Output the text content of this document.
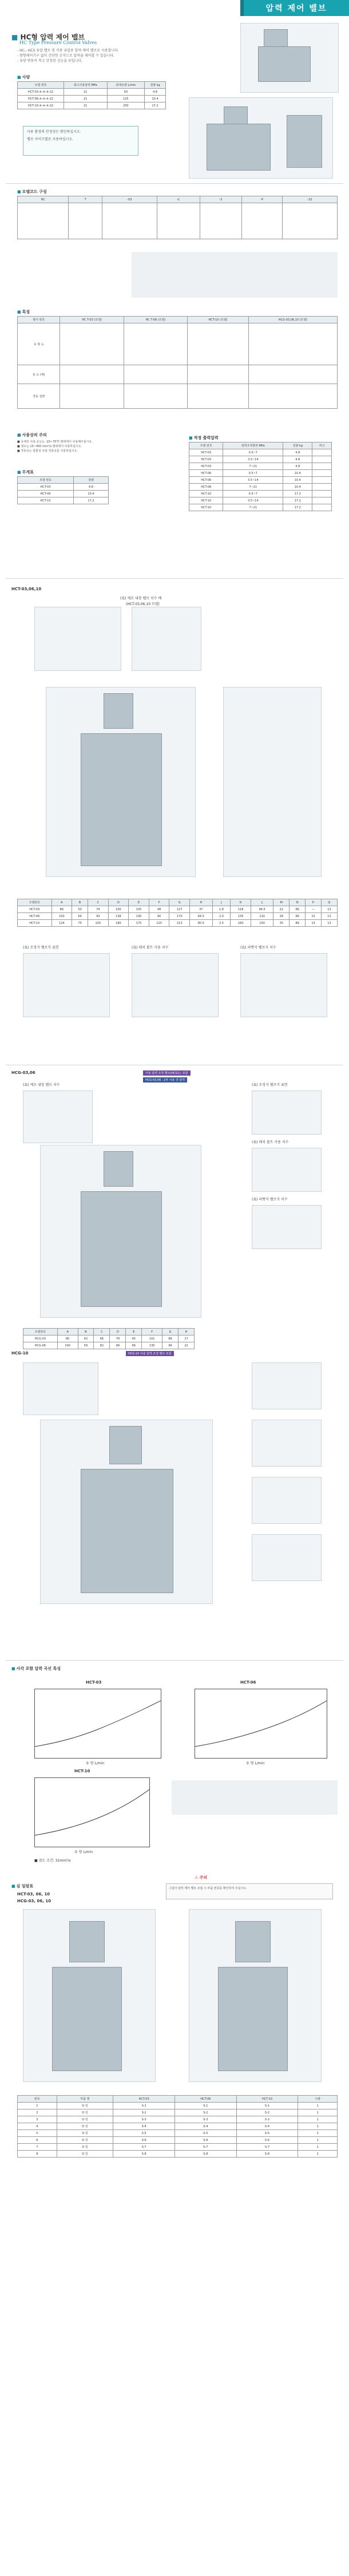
압력 제어 밸브
■ HC형 압력 제어 밸브
HC Type Pressure Control Valves
- HC-, HCS 유압 밸브 및 각종 유압용 압력 제어 밸브로 사용합니다.
- 방향제어기구 없이 간단한 조작으로 압력을 제어할 수 있습니다.
- 유량 변동이 적고 안정된 성능을 보입니다.
■ 사양
모델 번호	최고사용압력 MPa	최대유량 L/min	질량 kg
HCT-03-※-※-※-22	21	50	4.8
HCT-06-※-※-※-22	21	125	10.4
HCT-10-※-※-※-22	21	250	17.2
사용 환경의 안정성은 확인하십시오.
밸브 사이즈별로 사용하십시오.
■ 모델코드 구성
HC	T	-03	-C	-3	-P	-22

■ 특징
형식 번호	HC T-03 (모델)	HC T-06 (모델)	HCT-10 (모델)	HCG-03,06,10 (모델)
유 형 도				
용 도 (예)				
작동 설명				
■ 사용상의 주의
■ 유체의 사용 온도는 -20~70℃ 범위에서 사용해주십시오.
■ 점도는 15~400 mm²/s 범위에서 사용하십시오.
■ 작동유는 광물성 유압 작동유를 사용하십시오.
■ 무게표
모델 번호	질량
HCT-03	4.8
HCT-06	10.4
HCT-10	17.2
■ 적정 출력압력
모델 번호	압력조정범위 MPa	질량 kg	비고
HCT-03	0.5~7	4.8	
HCT-03	3.5~14	4.8	
HCT-03	7~21	4.8	
HCT-06	0.5~7	10.4	
HCT-06	3.5~14	10.4	
HCT-06	7~21	10.4	
HCT-10	0.5~7	17.2	
HCT-10	3.5~14	17.2	
HCT-10	7~21	17.2	
HCT-03,06,10
(표) 제조 내장 벨브 치수 예
(HCT-03,06,10 모델)
모델번호	A	B	C	D	E	F	G	H	J	K	L	M	N	P	Q
HCT-03	86	50	74	100	105	48	127	37	1.8	118	94.5	22	66	—	13
HCT-06	100	64	93	138	140	90	170	64.5	2.0	135	110	28	66	13	13
HCT-10	124	75	103	180	175	125	213	80.5	2.5	160	150	35	89	13	13
(표) 조정식 벨브식 표면	(표) 래치 볼트 사용 치수	(표) 리벳식 벨브식 치수
HCG-03,06	사용 압력 조정 밸브(HCG)는 포함
HCG-03,06 : 2차 사용 전 압력
(표) 제조 내장 벨브 치수	(표) 조정식 벨브식 표면
(표) 래치 볼트 사용 치수
(표) 리벳식 벨브식 치수
모델번호	A	B	C	D	E	F	G	H
HCG-03	80	42	66	79	45	101	68	17
HCG-06	100	59	82	99	66	130	96	22
HCG-10	HCG-10 사용 압력 조정 밸브 포함
■ 사각 포함 압력 곡선 특성
HCT-03
유 량 L/min
HCT-06
유 량 L/min
HCT-10
유 량 L/min
■ 점도 조건: 32mm²/s
⚠ 주의
그림의 압력 제어 밸브 조립 시 부품 번호를 확인하여 주십시오.
■ 실 일람표
HCT-03, 06, 10
HCG-03, 06, 10
번호	부품 명	HCT-03	HCT-06	HCT-10	수량
1	O 링	S-1	S-1	S-1	1
2	O 링	S-2	S-2	S-2	1
3	O 링	S-3	S-3	S-3	1
4	O 링	S-4	S-4	S-4	1
5	O 링	S-5	S-5	S-5	2
6	O 링	S-6	S-6	S-6	1
7	O 링	S-7	S-7	S-7	1
8	O 링	S-8	S-8	S-8	1
